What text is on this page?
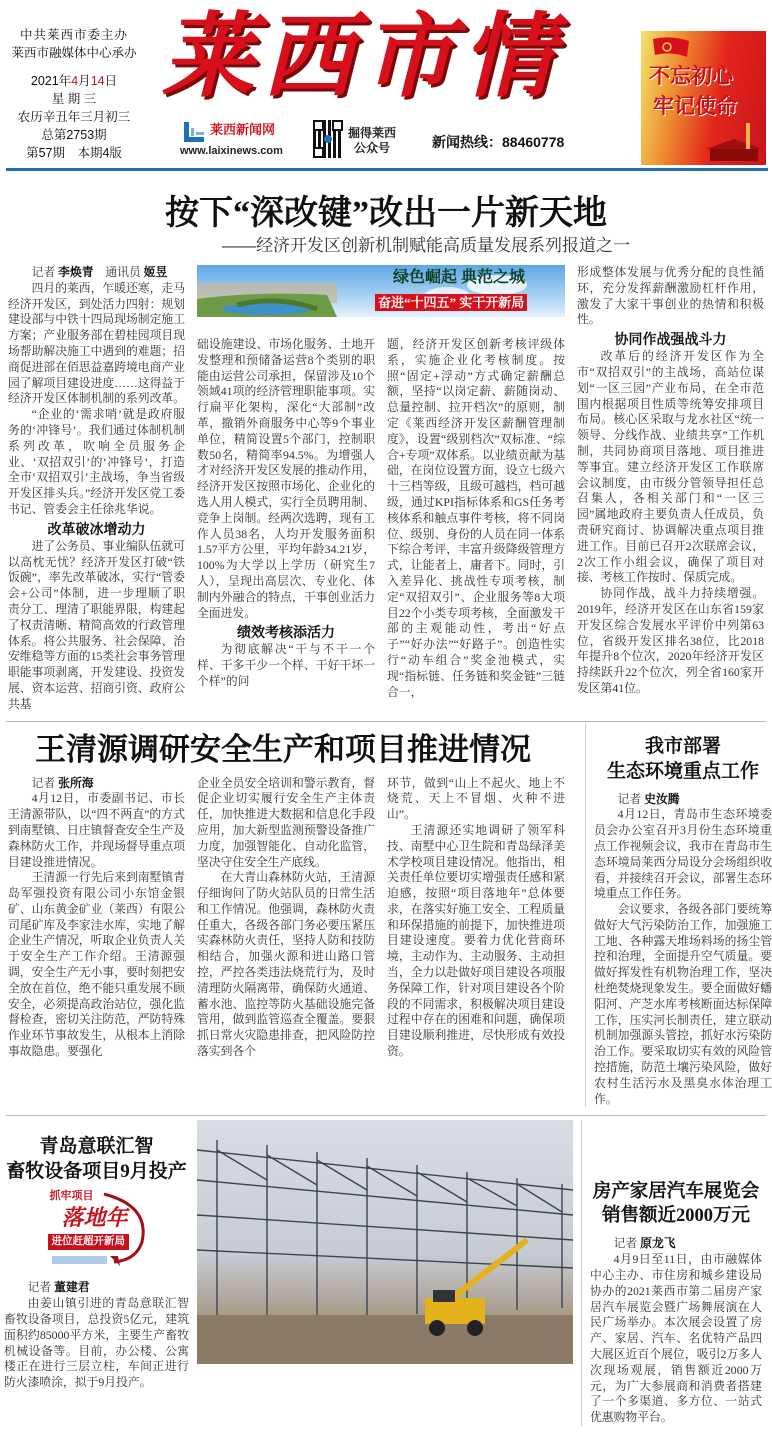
中共莱西市委主办
莱西市融媒体中心承办
2021年4月14日
星 期 三
农历辛丑年三月初三
总第2753期
第57期　本期4版
莱西市情
莱西新闻网
www.laixinews.com
掘得莱西
公众号	新闻热线：88460778
不忘初心
牢记使命
按下“深改键”改出一片新天地
——经济开发区创新机制赋能高质量发展系列报道之一
记者 李焕青　 通讯员 姬昱

四月的莱西，乍暖还寒，走马经济开发区，到处活力四射：规划建设部与中铁十四局现场制定施工方案；产业服务部在碧桂园项目现场帮助解决施工中遇到的难题；招商促进部在佰思益嘉跨境电商产业园了解项目建设进度……这得益于经济开发区体制机制的系列改革。

“企业的‘需求哨’就是政府服务的‘冲锋号’。我们通过体制机制系列改革，吹响全员服务企业、‘双招双引’的‘冲锋号’，打造全市‘双招双引’主战场，争当省级开发区排头兵。”经济开发区党工委书记、管委会主任徐兆华说。

改革破冰增动力

进了公务员、事业编队伍就可以高枕无忧？经济开发区打破“铁饭碗”，率先改革破冰，实行“管委会+公司”体制，进一步理顺了职责分工、理清了职能界限，构建起了权责清晰、精简高效的行政管理体系。将公共服务、社会保障、治安维稳等方面的15类社会事务管理职能事项剥离，开发建设、投资发展、资本运营、招商引资、政府公共基

绿色崛起 典范之城
奋进“十四五” 实干开新局

础设施建设、市场化服务、土地开发整理和预储备运营8个类别的职能由运营公司承担，保留涉及10个领域41项的经济管理职能事项。实行扁平化架构，深化“大部制”改革，撤销外商服务中心等9个事业单位，精简设置5个部门，控制职数50名，精简率94.5%。为增强人才对经济开发区发展的推动作用，经济开发区按照市场化、企业化的选人用人模式，实行全员聘用制、竞争上岗制。经两次选聘，现有工作人员38名，人均开发服务面积1.57平方公里，平均年龄34.21岁，100%为大学以上学历（研究生7人），呈现出高层次、专业化、体制内外融合的特点，干事创业活力全面迸发。

绩效考核添活力

为彻底解决“干与不干一个样、干多干少一个样、干好干坏一个样”的问

题，经济开发区创新考核评级体系，实施企业化考核制度。按照“固定+浮动”方式确定薪酬总额，坚持“以岗定薪、薪随岗动、总量控制、拉开档次”的原则，制定《莱西经济开发区薪酬管理制度》，设置“级别档次”双标准、“综合+专项”双体系。以业绩贡献为基础，在岗位设置方面，设立七级六十三档等级，且级可越档，档可越级，通过KPI指标体系和GS任务考核体系和触点事件考核，将不同岗位、级别、身份的人员在同一体系下综合考评，丰富升级降级管理方式，让能者上，庸者下。同时，引入差异化、挑战性专项考核，制定“双招双引”、企业服务等8大项目22个小类专项考核，全面激发干部的主观能动性，考出“好点子”“好办法”“好路子”。创造性实行“动车组合”奖金池模式，实现“指标链、任务链和奖金链”三链合一，

形成整体发展与优秀分配的良性循环，充分发挥薪酬激励杠杆作用，激发了大家干事创业的热情和积极性。

协同作战强战斗力

改革后的经济开发区作为全市“双招双引”的主战场，高站位谋划“一区三园”产业布局，在全市范围内根据项目性质等统筹安排项目布局。核心区采取与龙水社区“统一领导、分线作战、业绩共享”工作机制，共同协商项目落地、项目推进等事宜。建立经济开发区工作联席会议制度，由市级分管领导担任总召集人，各相关部门和“一区三园”属地政府主要负责人任成员，负责研究商讨、协调解决重点项目推进工作。目前已召开2次联席会议，2次工作小组会议，确保了项目对接、考核工作按时、保质完成。

协同作战，战斗力持续增强。2019年，经济开发区在山东省159家开发区综合发展水平评价中列第63位，省级开发区排名38位，比2018年提升8个位次，2020年经济开发区持续跃升22个位次，列全省160家开发区第41位。

王清源调研安全生产和项目推进情况
记者 张所海

4月12日，市委副书记、市长王清源带队，以“四不两直”的方式到南墅镇、日庄镇督查安全生产及森林防火工作，并现场督导重点项目建设推进情况。

王清源一行先后来到南墅镇青岛军强投资有限公司小东馆金银矿、山东黄金矿业（莱西）有限公司尾矿库及李家洼水库，实地了解企业生产情况，听取企业负责人关于安全生产工作介绍。王清源强调，安全生产无小事，要时刻把安全放在首位，绝不能只重发展不顾安全，必须提高政治站位，强化监督检查，密切关注防范，严防特殊作业环节事故发生，从根本上消除事故隐患。要强化

企业全员安全培训和警示教育，督促企业切实履行安全生产主体责任，加快推进大数据和信息化手段应用，加大新型监测预警设备推广力度，加强智能化、自动化监管，坚决守住安全生产底线。

在大青山森林防火站，王清源仔细询问了防火站队员的日常生活和工作情况。他强调，森林防火责任重大，各级各部门务必要压紧压实森林防火责任，坚持人防和技防相结合，加强火源和进山路口管控，严控各类违法烧荒行为，及时清理防火隔离带，确保防火通道、蓄水池、监控等防火基础设施完备管用，做到监管巡查全覆盖。要狠抓日常火灾隐患排查，把风险防控落实到各个

环节，做到“山上不起火、地上不烧荒、天上不冒烟、火种不进山”。

王清源还实地调研了领军科技、南墅中心卫生院和青岛绿泽美术学校项目建设情况。他指出，相关责任单位要切实增强责任感和紧迫感，按照“项目落地年”总体要求，在落实好施工安全、工程质量和环保措施的前提下，加快推进项目建设速度。要着力优化营商环境，主动作为、主动服务、主动担当，全力以赴做好项目建设各项服务保障工作，针对项目建设各个阶段的不同需求，积极解决项目建设过程中存在的困难和问题，确保项目建设顺利推进，尽快形成有效投资。

我市部署
生态环境重点工作
记者 史汝腾

4月12日，青岛市生态环境委员会办公室召开3月份生态环境重点工作视频会议，我市在青岛市生态环境局莱西分局设分会场组织收看，并接续召开会议，部署生态环境重点工作任务。

会议要求，各级各部门要统筹做好大气污染防治工作，加强施工工地、各种露天堆场料场的扬尘管控和治理，全面提升空气质量。要做好挥发性有机物治理工作，坚决杜绝焚烧现象发生。要全面做好蟠阳河、产芝水库考核断面达标保障工作，压实河长制责任，建立联动机制加强源头管控，抓好水污染防治工作。要采取切实有效的风险管控措施，防范土壤污染风险，做好农村生活污水及黑臭水体治理工作。

青岛意联汇智
畜牧设备项目9月投产
抓牢项目
落地年
进位赶超开新局
记者 董建君

由姜山镇引进的青岛意联汇智畜牧设备项目，总投资5亿元，建筑面积约85000平方米，主要生产畜牧机械设备等。目前，办公楼、公寓楼正在进行三层立柱，车间正进行防火漆喷涂，拟于9月投产。

房产家居汽车展览会
销售额近2000万元
记者 原龙飞

4月9日至11日，由市融媒体中心主办、市住房和城乡建设局协办的2021莱西市第二届房产家居汽车展览会暨广场舞展演在人民广场举办。本次展会设置了房产、家居、汽车、名优特产品四大展区近百个展位，吸引2万多人次现场观展，销售额近2000万元，为广大参展商和消费者搭建了一个多渠道、多方位、一站式优惠购物平台。
